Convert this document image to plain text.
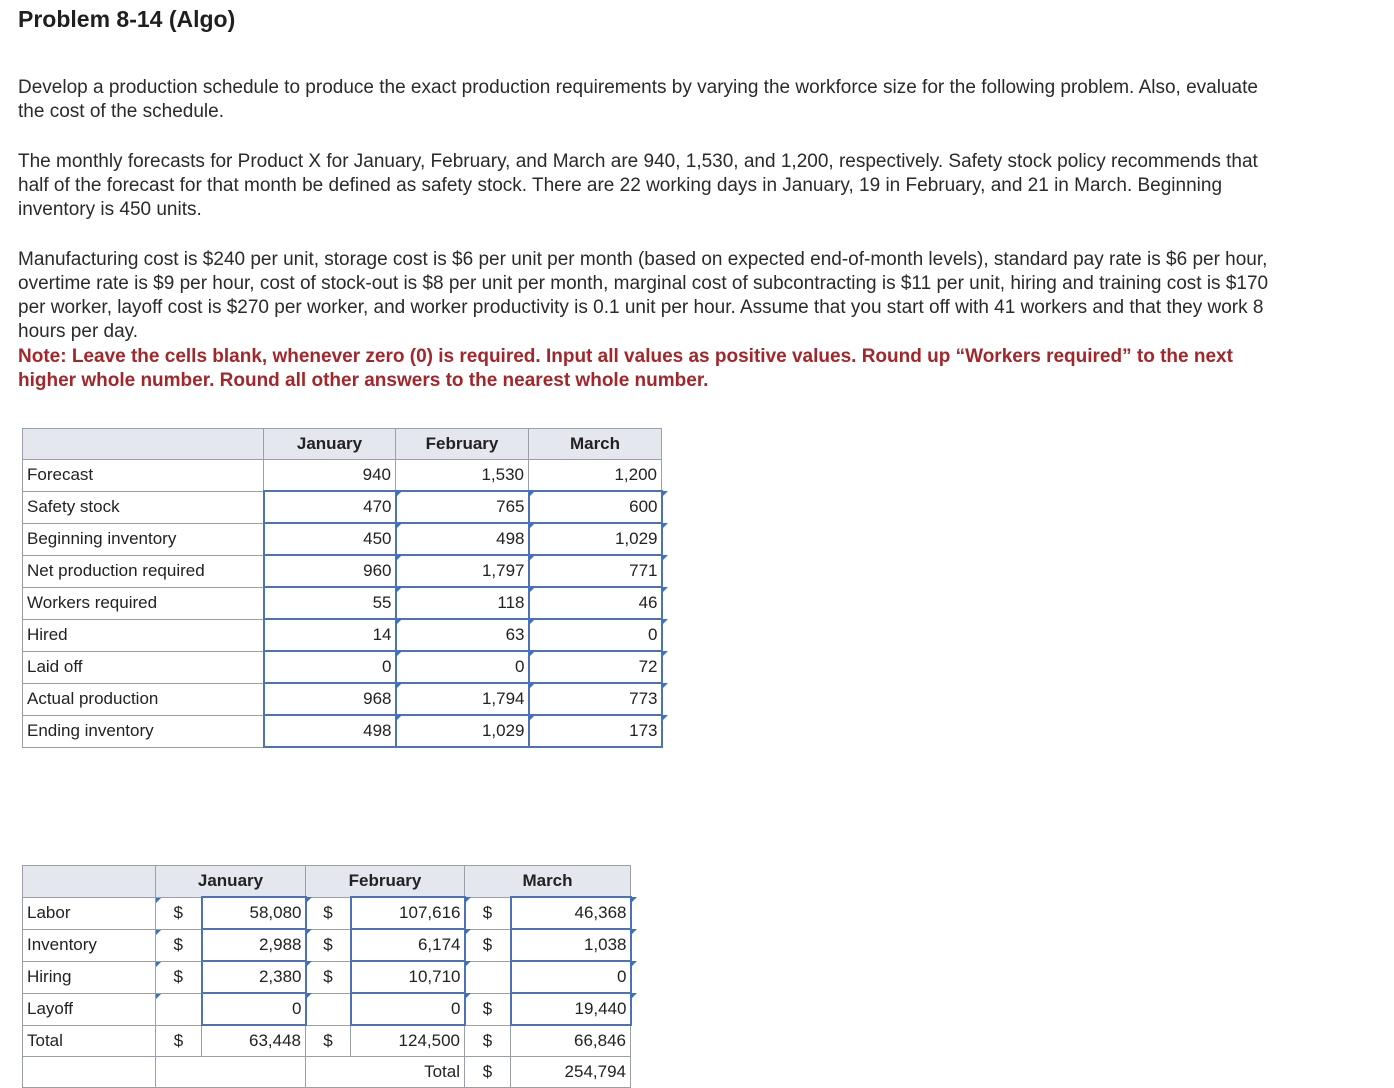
Problem 8-14 (Algo)

Develop a production schedule to produce the exact production requirements by varying the workforce size for the following problem. Also, evaluate the cost of the schedule.

The monthly forecasts for Product X for January, February, and March are 940, 1,530, and 1,200, respectively. Safety stock policy recommends that half of the forecast for that month be defined as safety stock. There are 22 working days in January, 19 in February, and 21 in March. Beginning inventory is 450 units.

Manufacturing cost is $240 per unit, storage cost is $6 per unit per month (based on expected end-of-month levels), standard pay rate is $6 per hour, overtime rate is $9 per hour, cost of stock-out is $8 per unit per month, marginal cost of subcontracting is $11 per unit, hiring and training cost is $170 per worker, layoff cost is $270 per worker, and worker productivity is 0.1 unit per hour. Assume that you start off with 41 workers and that they work 8 hours per day.

Note: Leave the cells blank, whenever zero (0) is required. Input all values as positive values. Round up “Workers required” to the next higher whole number. Round all other answers to the nearest whole number.

	January	February	March
Forecast	940	1,530	1,200
Safety stock	470	765	600
Beginning inventory	450	498	1,029
Net production required	960	1,797	771
Workers required	55	118	46
Hired	14	63	0
Laid off	0	0	72
Actual production	968	1,794	773
Ending inventory	498	1,029	173
	January		February		March	
Labor	$	58,080	$	107,616	$	46,368
Inventory	$	2,988	$	6,174	$	1,038
Hiring	$	2,380	$	10,710		0
Layoff		0		0	$	19,440
Total	$	63,448	$	124,500	$	66,846
			Total		$	254,794
